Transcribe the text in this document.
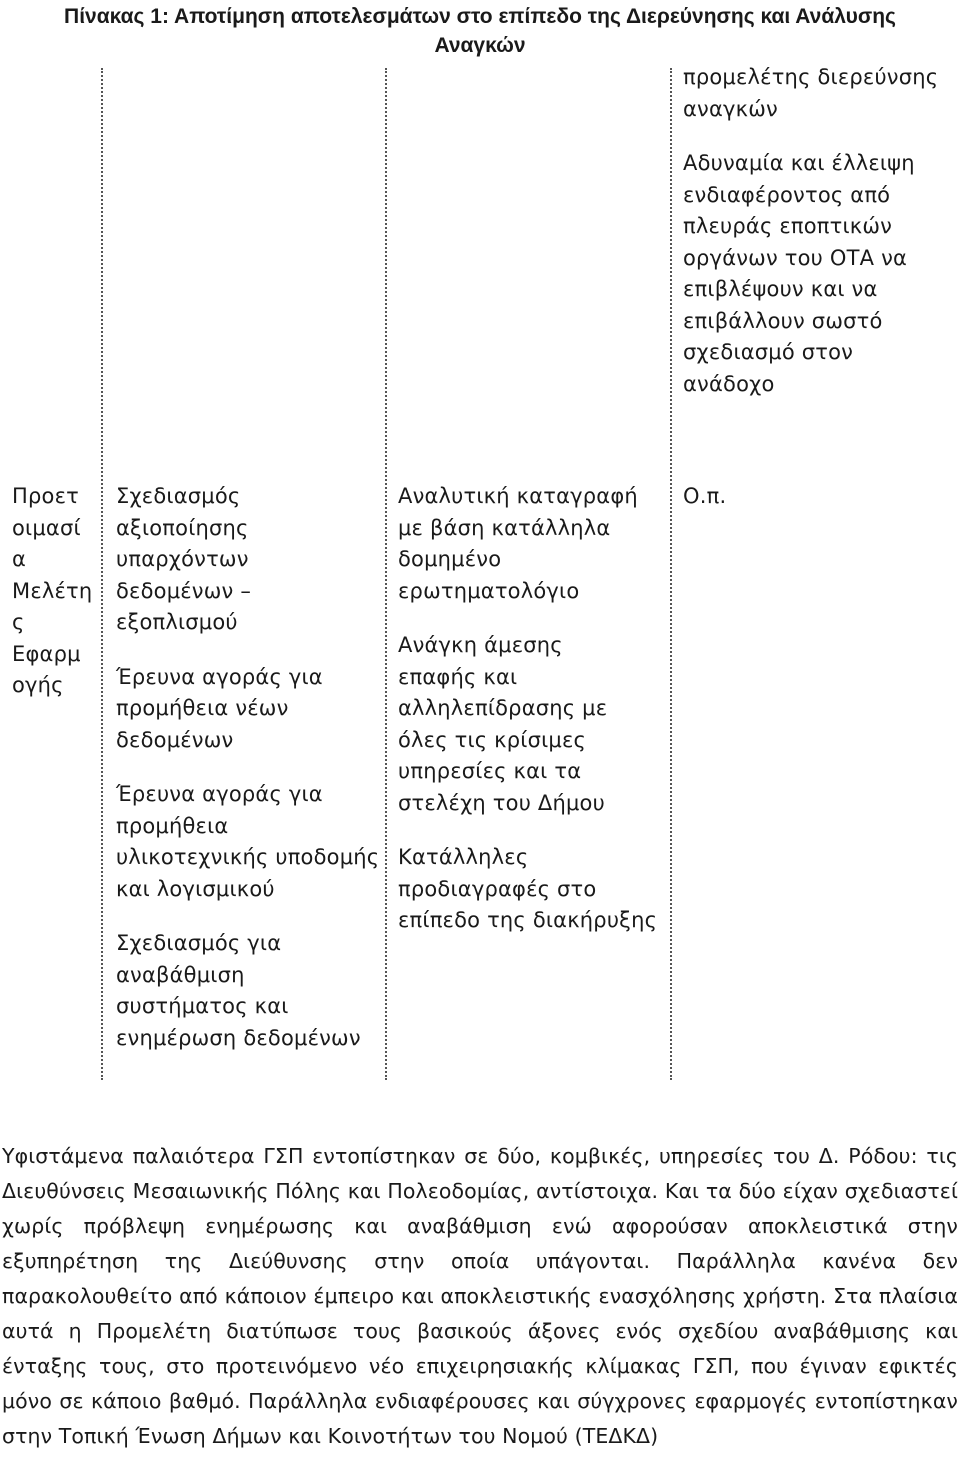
Πίνακας 1: Αποτίμηση αποτελεσμάτων στο επίπεδο της Διερεύνησης και Ανάλυσης
Αναγκών

προμελέτης διερεύνσης
αναγκών

Αδυναμία και έλλειψη
ενδιαφέροντος από
πλευράς εποπτικών
οργάνων του ΟΤΑ να
επιβλέψουν και να
επιβάλλουν σωστό
σχεδιασμό στον
ανάδοχο

Προετ
οιμασί
α
Μελέτη
ς
Εφαρμ
ογής

Σχεδιασμός
αξιοποίησης
υπαρχόντων
δεδομένων –
εξοπλισμού

Έρευνα αγοράς για
προμήθεια νέων
δεδομένων

Έρευνα αγοράς για
προμήθεια
υλικοτεχνικής υποδομής
και λογισμικού

Σχεδιασμός για
αναβάθμιση
συστήματος και
ενημέρωση δεδομένων

Αναλυτική καταγραφή
με βάση κατάλληλα
δομημένο
ερωτηματολόγιο

Ανάγκη άμεσης
επαφής και
αλληλεπίδρασης με
όλες τις κρίσιμες
υπηρεσίες και τα
στελέχη του Δήμου

Κατάλληλες
προδιαγραφές στο
επίπεδο της διακήρυξης

Ο.π.
Υφιστάμενα παλαιότερα ΓΣΠ εντοπίστηκαν σε δύο, κομβικές, υπηρεσίες του Δ. Ρόδου: τις Διευθύνσεις Μεσαιωνικής Πόλης και Πολεοδομίας, αντίστοιχα. Και τα δύο είχαν σχεδιαστεί χωρίς πρόβλεψη ενημέρωσης και αναβάθμιση ενώ αφορούσαν αποκλειστικά στην εξυπηρέτηση της Διεύθυνσης στην οποία υπάγονται. Παράλληλα κανένα δεν παρακολουθείτο από κάποιον έμπειρο και αποκλειστικής ενασχόλησης χρήστη. Στα πλαίσια αυτά η Προμελέτη διατύπωσε τους βασικούς άξονες ενός σχεδίου αναβάθμισης και ένταξης τους, στο προτεινόμενο νέο επιχειρησιακής κλίμακας ΓΣΠ, που έγιναν εφικτές μόνο σε κάποιο βαθμό. Παράλληλα ενδιαφέρουσες και σύγχρονες εφαρμογές εντοπίστηκαν στην Τοπική Ένωση Δήμων και Κοινοτήτων του Νομού (ΤΕΔΚΔ)
